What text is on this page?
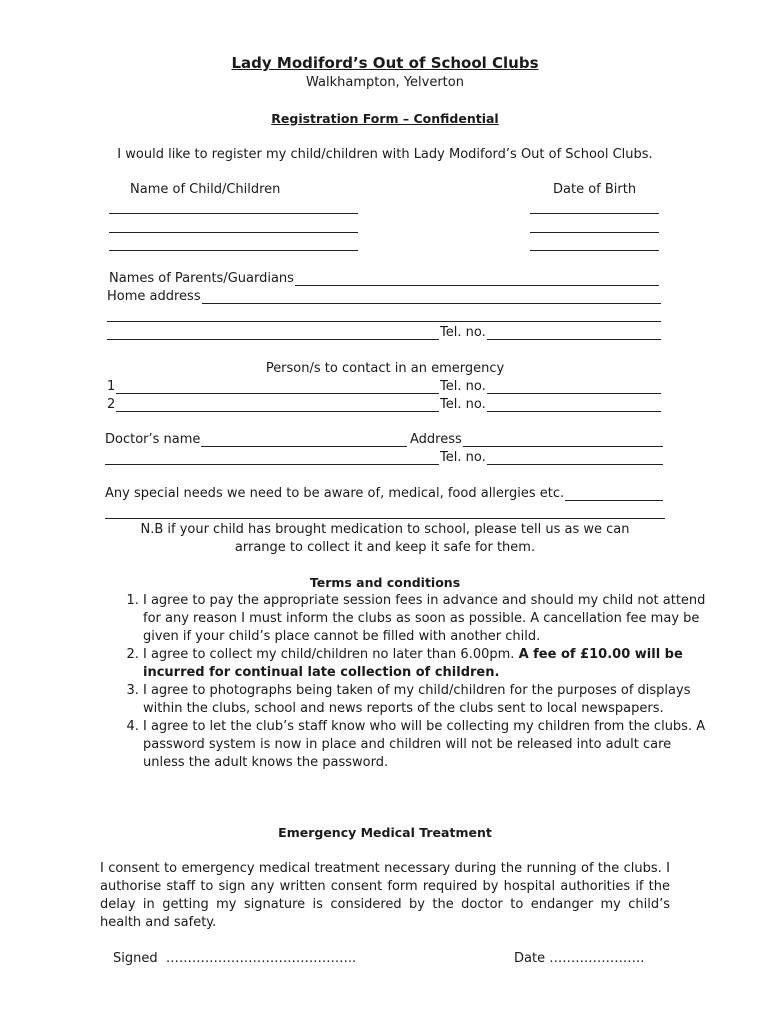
Lady Modiford’s Out of School Clubs
Walkhampton, Yelverton
Registration Form – Confidential
I would like to register my child/children with Lady Modiford’s Out of School Clubs.
Name of Child/Children	Date of Birth
Names of Parents/Guardians
Home address
Tel. no.
Person/s to contact in an emergency
1	Tel. no.
2	Tel. no.
Doctor’s name	Address
Tel. no.
Any special needs we need to be aware of, medical, food allergies etc.
N.B if your child has brought medication to school, please tell us as we can
arrange to collect it and keep it safe for them.
Terms and conditions
1. I agree to pay the appropriate session fees in advance and should my child not attend for any reason I must inform the clubs as soon as possible. A cancellation fee may be given if your child’s place cannot be filled with another child.
2. I agree to collect my child/children no later than 6.00pm. A fee of £10.00 will be incurred for continual late collection of children.
3. I agree to photographs being taken of my child/children for the purposes of displays within the clubs, school and news reports of the clubs sent to local newspapers.
4. I agree to let the club’s staff know who will be collecting my children from the clubs. A password system is now in place and children will not be released into adult care unless the adult knows the password.
Emergency Medical Treatment

I consent to emergency medical treatment necessary during the running of the clubs. I authorise staff to sign any written consent form required by hospital authorities if the delay in getting my signature is considered by the doctor to endanger my child’s health and safety.

Signed ……………………………………..	Date ………………….
